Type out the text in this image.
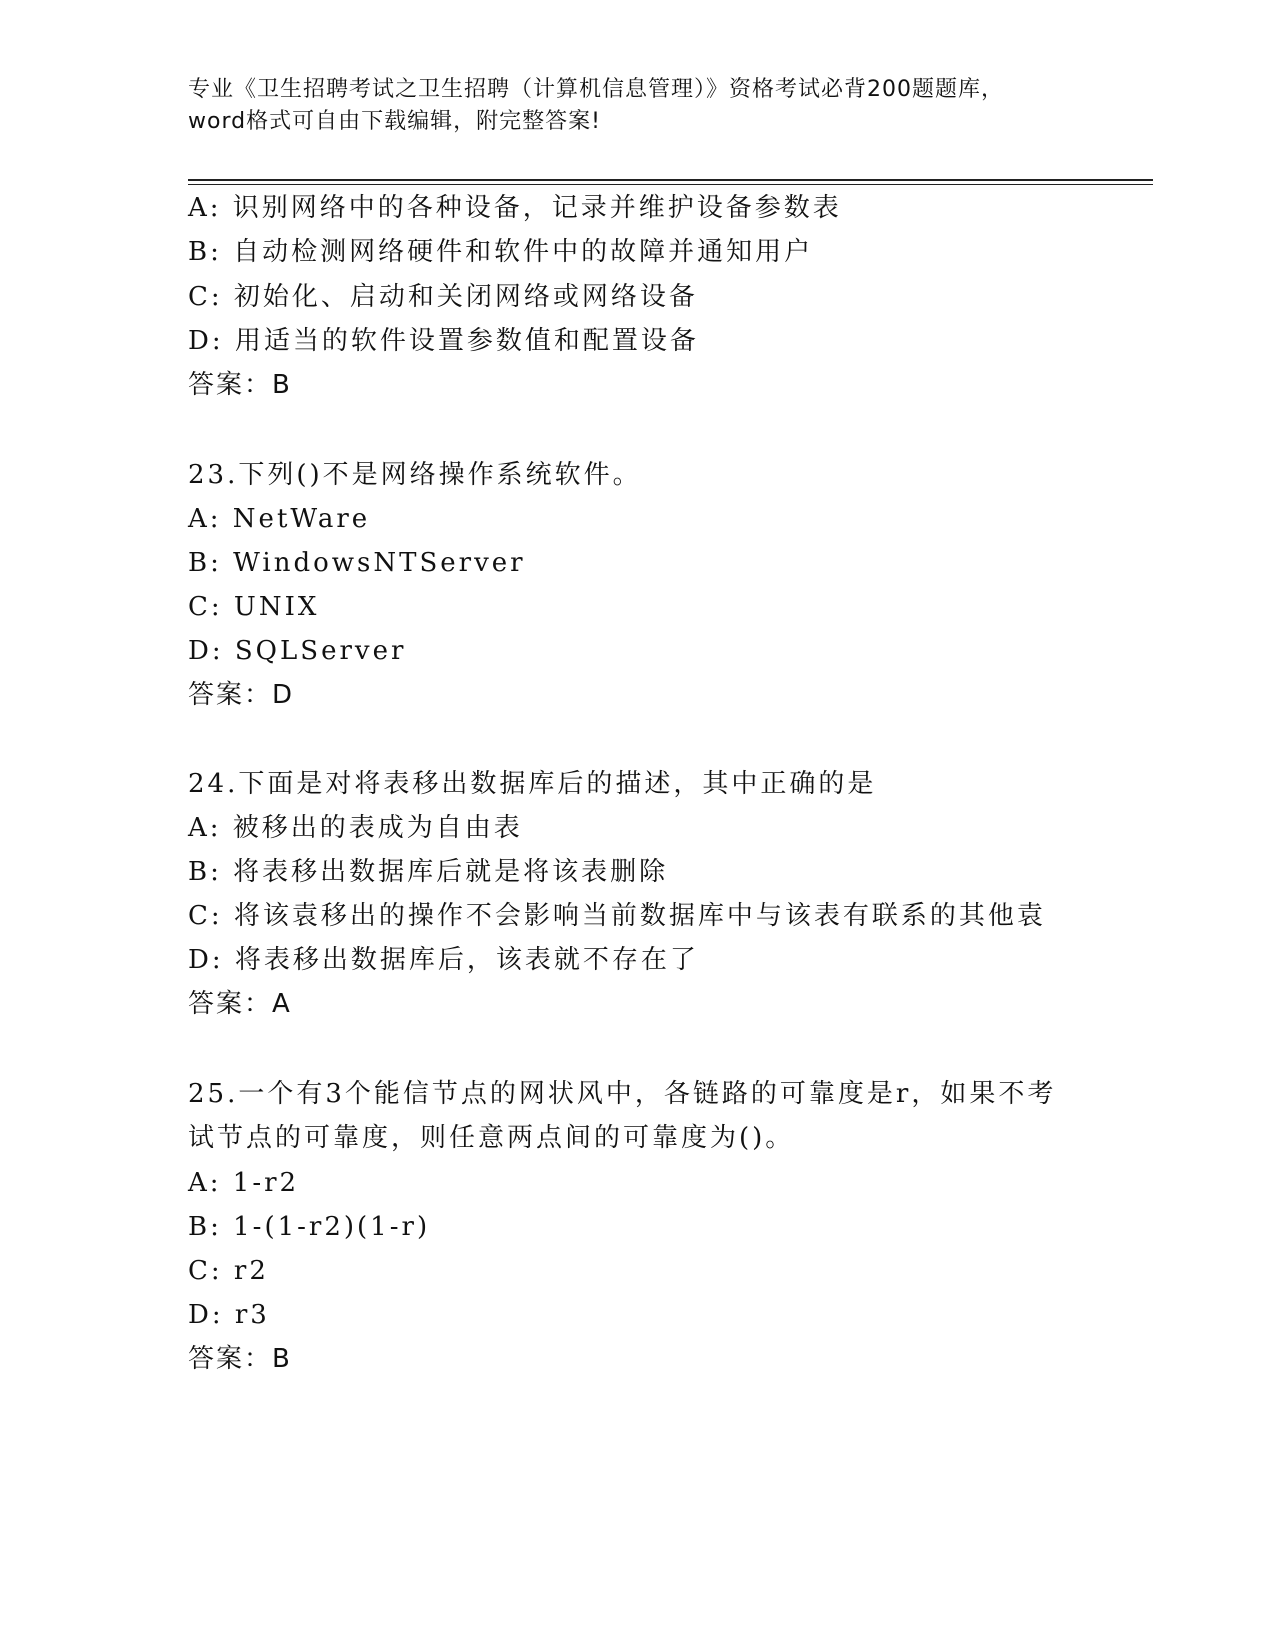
专业《卫生招聘考试之卫生招聘（计算机信息管理）》资格考试必背200题题库，
word格式可自由下载编辑，附完整答案!
A: 识别网络中的各种设备，记录并维护设备参数表
B: 自动检测网络硬件和软件中的故障并通知用户
C: 初始化、启动和关闭网络或网络设备
D: 用适当的软件设置参数值和配置设备
答案：B
23.下列()不是网络操作系统软件。
A: NetWare
B: WindowsNTServer
C: UNIX
D: SQLServer
答案：D
24.下面是对将表移出数据库后的描述，其中正确的是
A: 被移出的表成为自由表
B: 将表移出数据库后就是将该表删除
C: 将该袁移出的操作不会影响当前数据库中与该表有联系的其他袁
D: 将表移出数据库后，该表就不存在了
答案：A
25.一个有3个能信节点的网状风中，各链路的可靠度是r，如果不考
试节点的可靠度，则任意两点间的可靠度为()。
A: 1-r2
B: 1-(1-r2)(1-r)
C: r2
D: r3
答案：B
